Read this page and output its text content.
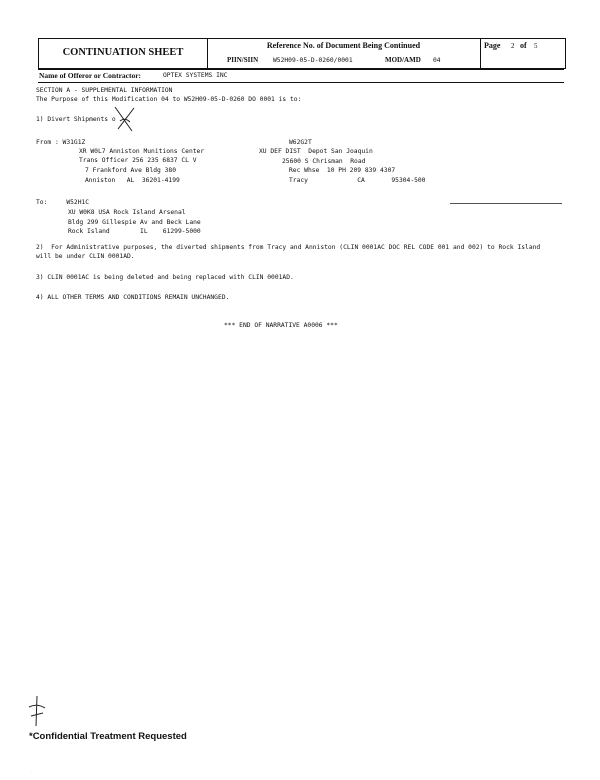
CONTINUATION SHEET
Reference No. of Document Being Continued
PIIN/SIIN W52H09-05-D-0260/0001	MOD/AMD 04
Page 2 of 5
Name of Offeror or Contractor:	OPTEX SYSTEMS INC
SECTION A - SUPPLEMENTAL INFORMATION
The Purpose of this Modification 04 to W52H09-05-D-0260 DO 0001 is to:
1) Divert Shipments o
From : W31G1Z
XR W0L7 Anniston Munitions Center
Trans Officer 256 235 6837 CL V
7 Frankford Ave Bldg 380
Anniston   AL  36201-4199
W62G2T
XU DEF DIST  Depot San Joaquin
25600 S Chrisman  Road
Rec Whse  10 PH 209 839 4307
Tracy             CA       95304-500
To:     W52H1C
XU W0K8 USA Rock Island Arsenal
Bldg 299 Gillespie Av and Beck Lane
Rock Island        IL    61299-5000
2)  For Administrative purposes, the diverted shipments from Tracy and Anniston (CLIN 0001AC DOC REL CODE 001 and 002) to Rock Island
will be under CLIN 0001AD.
3) CLIN 0001AC is being deleted and being replaced with CLIN 0001AD.
4) ALL OTHER TERMS AND CONDITIONS REMAIN UNCHANGED.
*** END OF NARRATIVE A0006 ***
*Confidential Treatment Requested
·
